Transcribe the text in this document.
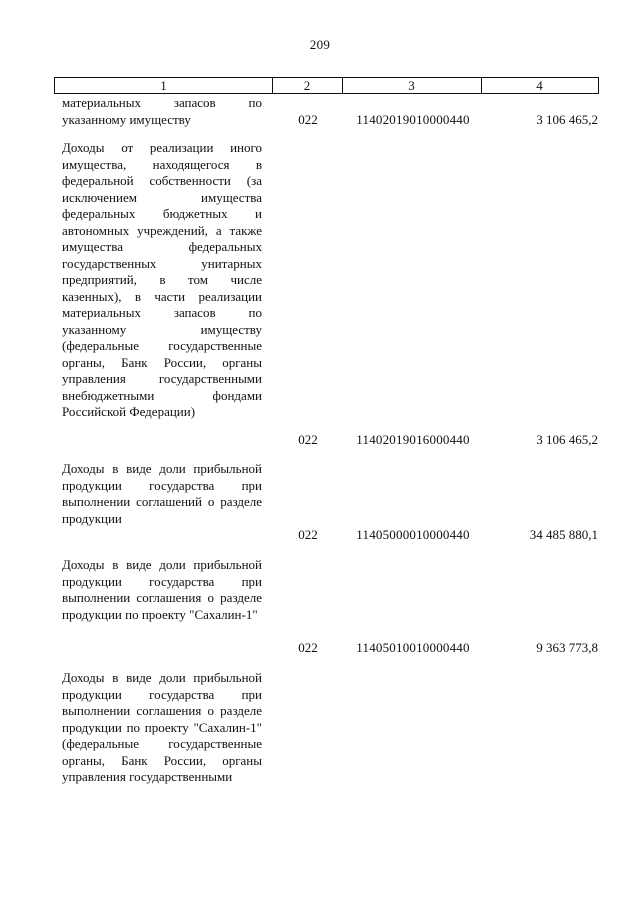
209
1	2	3	4

материальных запасов по указанному имуществу	022	11402019010000440	3 106 465,2

Доходы от реализации иного имущества, находящегося в федеральной собственности (за исключением имущества федеральных бюджетных и автономных учреждений, а также имущества федеральных государственных унитарных предприятий, в том числе казенных), в части реализации материальных запасов по указанному имуществу (федеральные государственные органы, Банк России, органы управления государственными внебюджетными фондами Российской Федерации)

022	11402019016000440	3 106 465,2

Доходы в виде доли прибыльной продукции государства при выполнении соглашений о разделе продукции

022	11405000010000440	34 485 880,1

Доходы в виде доли прибыльной продукции государства при выполнении соглашения о разделе продукции по проекту "Сахалин-1"

022	11405010010000440	9 363 773,8

Доходы в виде доли прибыльной продукции государства при выполнении соглашения о разделе продукции по проекту "Сахалин-1" (федеральные государственные органы, Банк России, органы управления государственными
